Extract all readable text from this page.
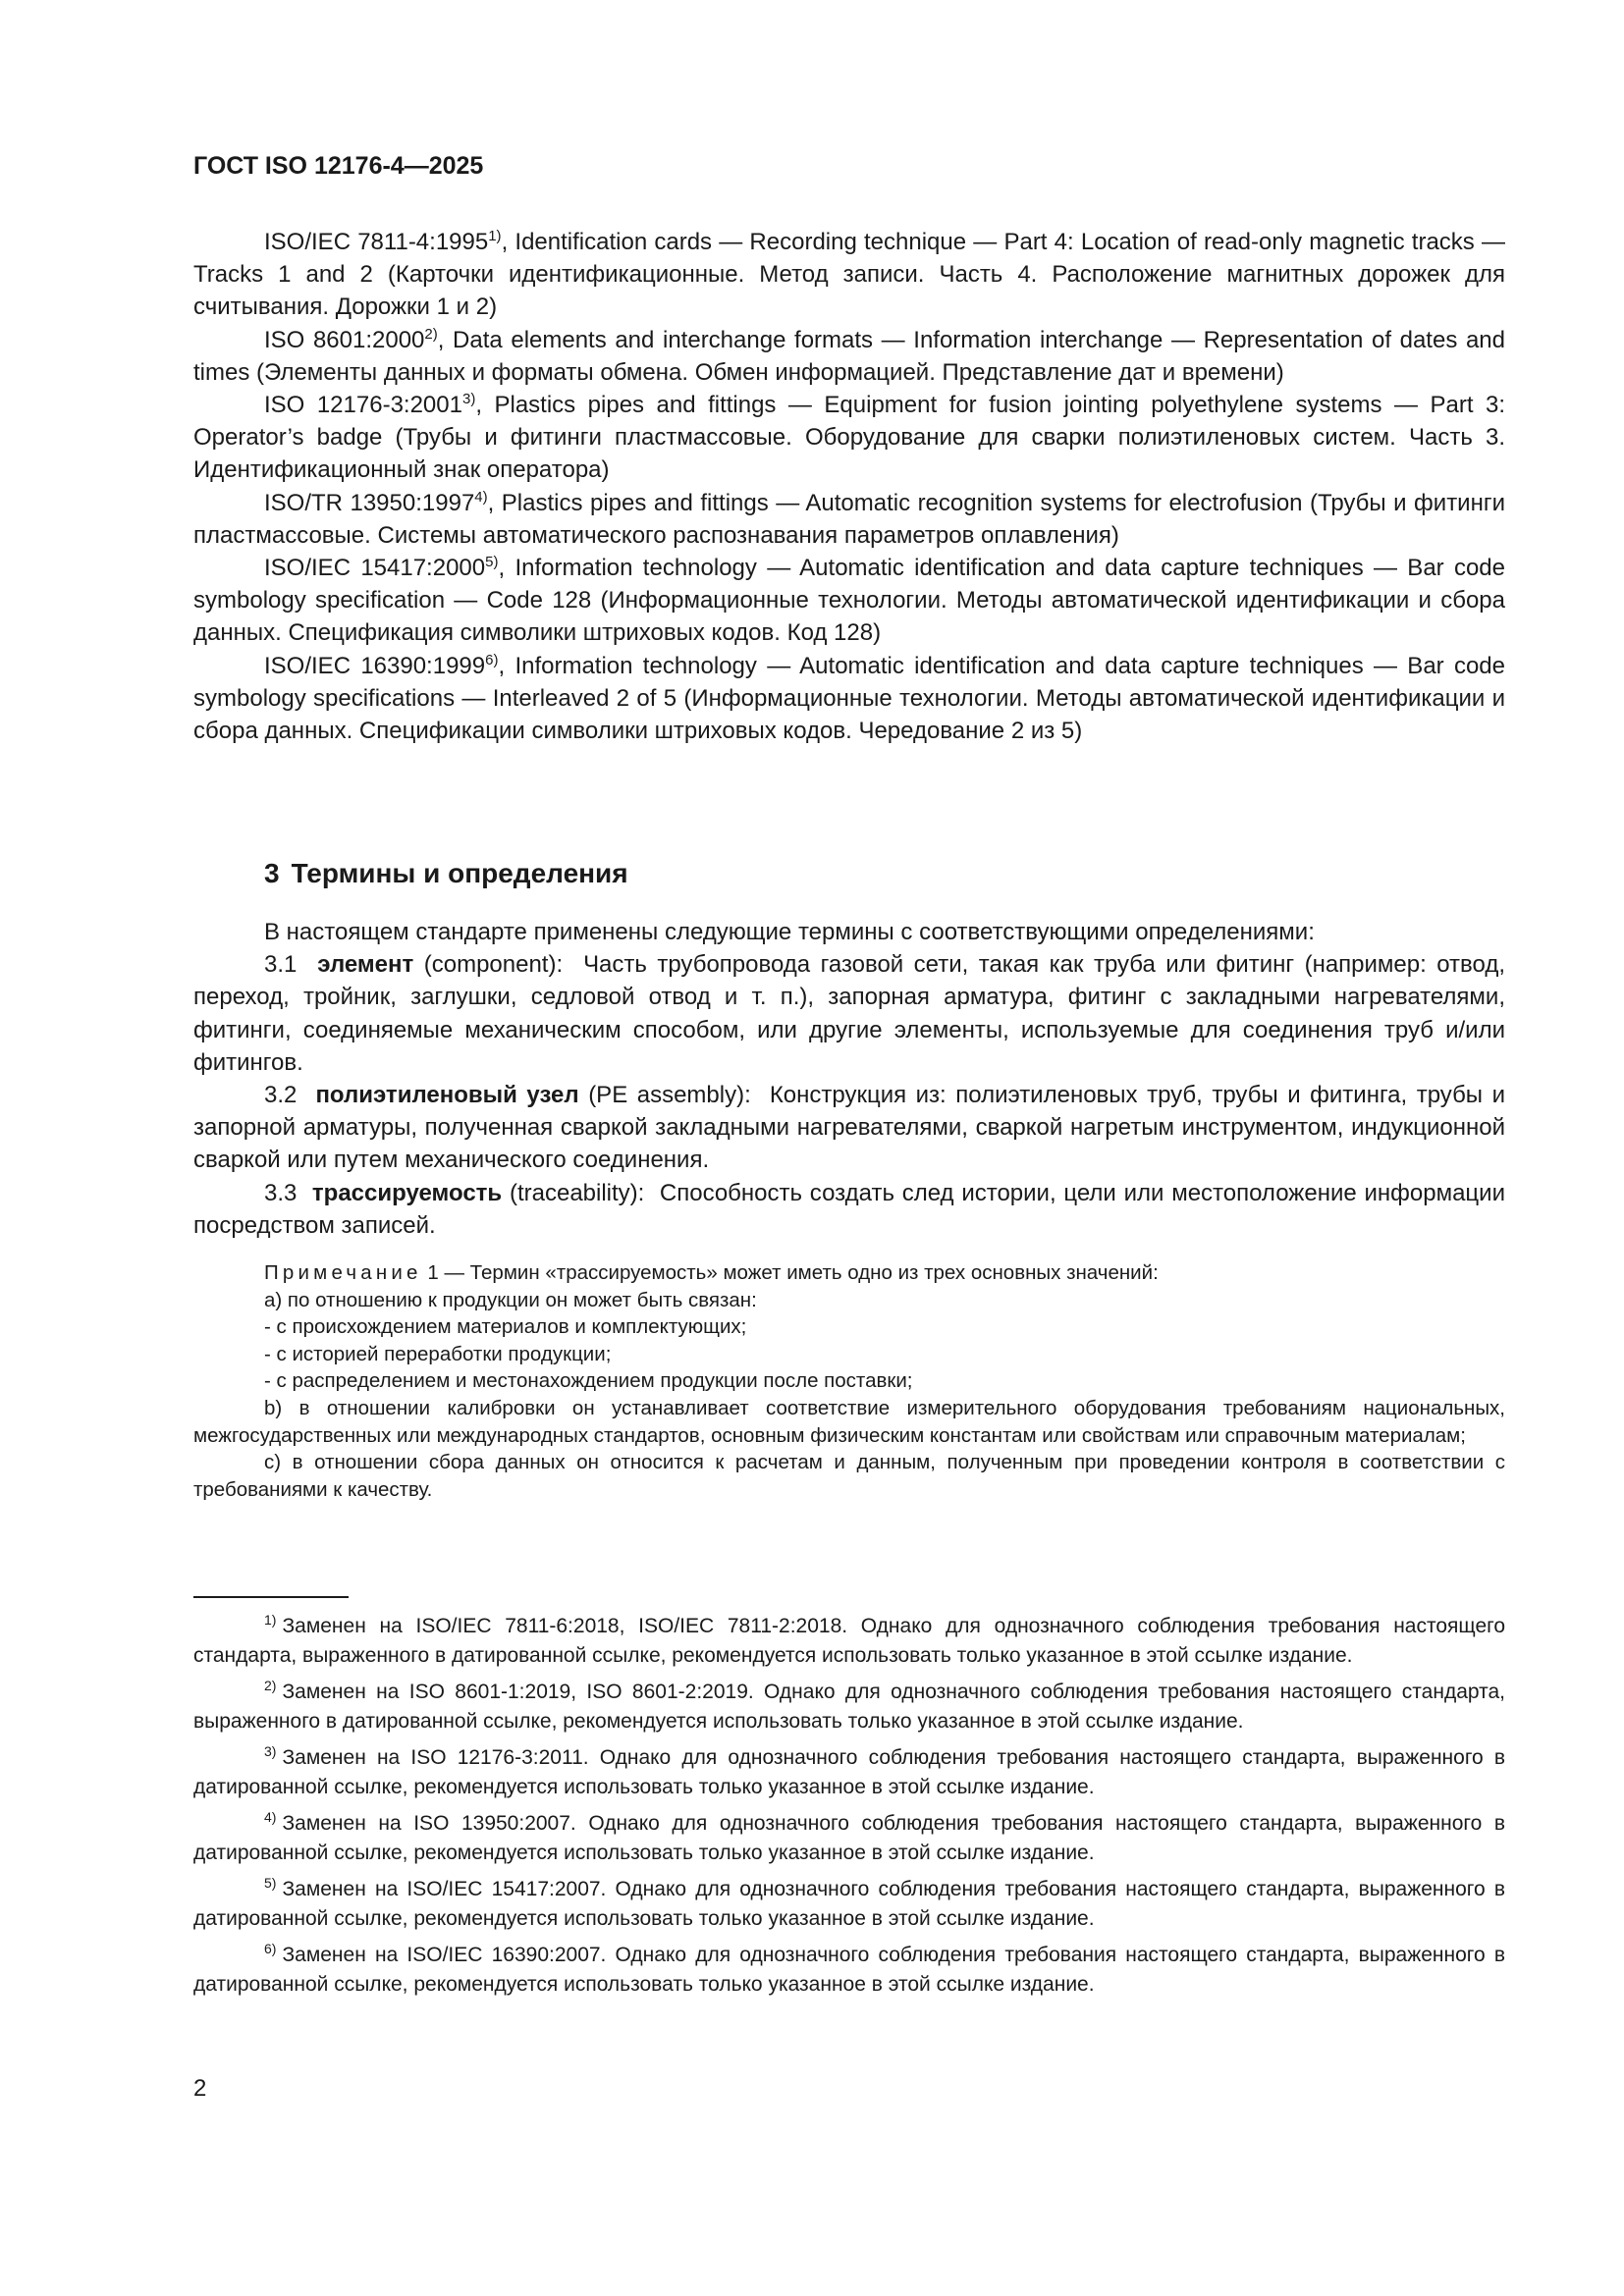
ГОСТ ISO 12176-4—2025

ISO/IEC 7811-4:1995$^{1)}$, Identification cards — Recording technique — Part 4: Location of read-only magnetic tracks — Tracks 1 and 2 (Карточки идентификационные. Метод записи. Часть 4. Расположение магнитных дорожек для считывания. Дорожки 1 и 2)

ISO 8601:2000$^{2)}$, Data elements and interchange formats — Information interchange — Representation of dates and times (Элементы данных и форматы обмена. Обмен информацией. Представление дат и времени)

ISO 12176-3:2001$^{3)}$, Plastics pipes and fittings — Equipment for fusion jointing polyethylene systems — Part 3: Operator’s badge (Трубы и фитинги пластмассовые. Оборудование для сварки полиэтиленовых систем. Часть 3. Идентификационный знак оператора)

ISO/TR 13950:1997$^{4)}$, Plastics pipes and fittings — Automatic recognition systems for electrofusion (Трубы и фитинги пластмассовые. Системы автоматического распознавания параметров оплавления)

ISO/IEC 15417:2000$^{5)}$, Information technology — Automatic identification and data capture techniques — Bar code symbology specification — Code 128 (Информационные технологии. Методы автоматической идентификации и сбора данных. Спецификация символики штриховых кодов. Код 128)

ISO/IEC 16390:1999$^{6)}$, Information technology — Automatic identification and data capture techniques — Bar code symbology specifications — Interleaved 2 of 5 (Информационные технологии. Методы автоматической идентификации и сбора данных. Спецификации символики штриховых кодов. Чередование 2 из 5)

3 Термины и определения

В настоящем стандарте применены следующие термины с соответствующими определениями:

3.1 элемент (component): Часть трубопровода газовой сети, такая как труба или фитинг (например: отвод, переход, тройник, заглушки, седловой отвод и т. п.), запорная арматура, фитинг с закладными нагревателями, фитинги, соединяемые механическим способом, или другие элементы, используемые для соединения труб и/или фитингов.

3.2 полиэтиленовый узел (PE assembly): Конструкция из: полиэтиленовых труб, трубы и фитинга, трубы и запорной арматуры, полученная сваркой закладными нагревателями, сваркой нагретым инструментом, индукционной сваркой или путем механического соединения.

3.3 трассируемость (traceability): Способность создать след истории, цели или местоположение информации посредством записей.

Примечание 1 — Термин «трассируемость» может иметь одно из трех основных значений:

a) по отношению к продукции он может быть связан:

- с происхождением материалов и комплектующих;

- с историей переработки продукции;

- с распределением и местонахождением продукции после поставки;

b) в отношении калибровки он устанавливает соответствие измерительного оборудования требованиям национальных, межгосударственных или международных стандартов, основным физическим константам или свойствам или справочным материалам;

c) в отношении сбора данных он относится к расчетам и данным, полученным при проведении контроля в соответствии с требованиями к качеству.

$^{1)}$ Заменен на ISO/IEC 7811-6:2018, ISO/IEC 7811-2:2018. Однако для однозначного соблюдения требования настоящего стандарта, выраженного в датированной ссылке, рекомендуется использовать только указанное в этой ссылке издание.

$^{2)}$ Заменен на ISO 8601-1:2019, ISO 8601-2:2019. Однако для однозначного соблюдения требования настоящего стандарта, выраженного в датированной ссылке, рекомендуется использовать только указанное в этой ссылке издание.

$^{3)}$ Заменен на ISO 12176-3:2011. Однако для однозначного соблюдения требования настоящего стандарта, выраженного в датированной ссылке, рекомендуется использовать только указанное в этой ссылке издание.

$^{4)}$ Заменен на ISO 13950:2007. Однако для однозначного соблюдения требования настоящего стандарта, выраженного в датированной ссылке, рекомендуется использовать только указанное в этой ссылке издание.

$^{5)}$ Заменен на ISO/IEC 15417:2007. Однако для однозначного соблюдения требования настоящего стандарта, выраженного в датированной ссылке, рекомендуется использовать только указанное в этой ссылке издание.

$^{6)}$ Заменен на ISO/IEC 16390:2007. Однако для однозначного соблюдения требования настоящего стандарта, выраженного в датированной ссылке, рекомендуется использовать только указанное в этой ссылке издание.

2
